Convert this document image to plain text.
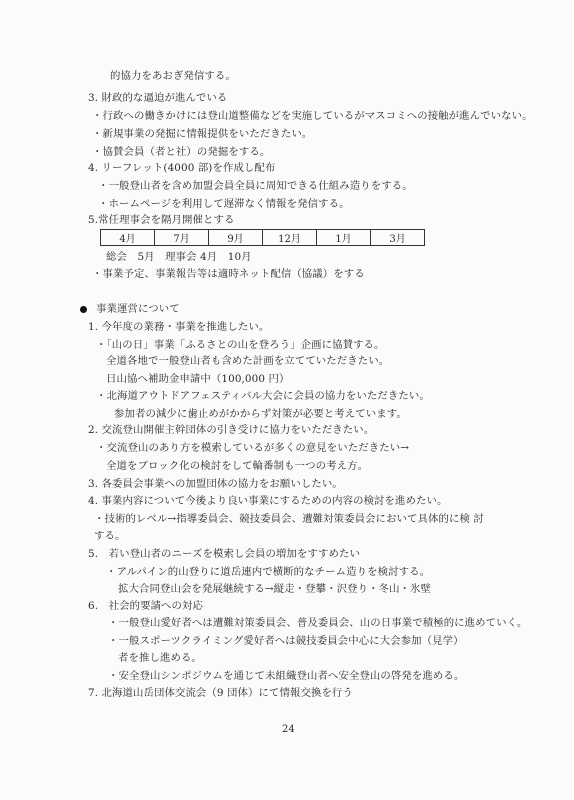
的協力をあおぎ発信する。
3. 財政的な逼迫が進んでいる
・行政への働きかけには登山道整備などを実施しているがマスコミへの接触が進んでいない。
・新規事業の発掘に情報提供をいただきたい。
・協賛会員（者と社）の発掘をする。
4. リーフレット(4000 部)を作成し配布
・一般登山者を含め加盟会員全員に周知できる仕組み造りをする。
・ホームページを利用して遅滞なく情報を発信する。
5.常任理事会を隔月開催とする
4月	7月	9月	12月	1月	3月
総会　5月　理事会 4月　10月
・事業予定、事業報告等は適時ネット配信（協議）をする
事業運営について
1. 今年度の業務・事業を推進したい。
・「山の日」事業「ふるさとの山を登ろう」企画に協賛する。
全道各地で一般登山者も含めた計画を立てていただきたい。
日山協へ補助金申請中（100,000 円）
・北海道アウトドアフェスティバル大会に会員の協力をいただきたい。
参加者の減少に歯止めがかからず対策が必要と考えています。
2. 交流登山開催主幹団体の引き受けに協力をいただきたい。
・交流登山のあり方を模索しているが多くの意見をいただきたい→
全道をブロック化の検討をして輪番制も一つの考え方。
3. 各委員会事業への加盟団体の協力をお願いしたい。
4. 事業内容について今後より良い事業にするための内容の検討を進めたい。
・技術的レベル→指導委員会、競技委員会、遭難対策委員会において具体的に検 討
する。
5.　若い登山者のニーズを模索し会員の増加をすすめたい
・アルパイン的山登りに道岳連内で横断的なチーム造りを検討する。
拡大合同登山会を発展継続する→縦走・登攀・沢登り・冬山・氷壁
6.　社会的要請への対応
・一般登山愛好者へは遭難対策委員会、普及委員会、山の日事業で積極的に進めていく。
・一般スポーツクライミング愛好者へは競技委員会中心に大会参加（見学）
者を推し進める。
・安全登山シンポジウムを通じて未組織登山者へ安全登山の啓発を進める。
7. 北海道山岳団体交流会（9 団体）にて情報交換を行う
24
